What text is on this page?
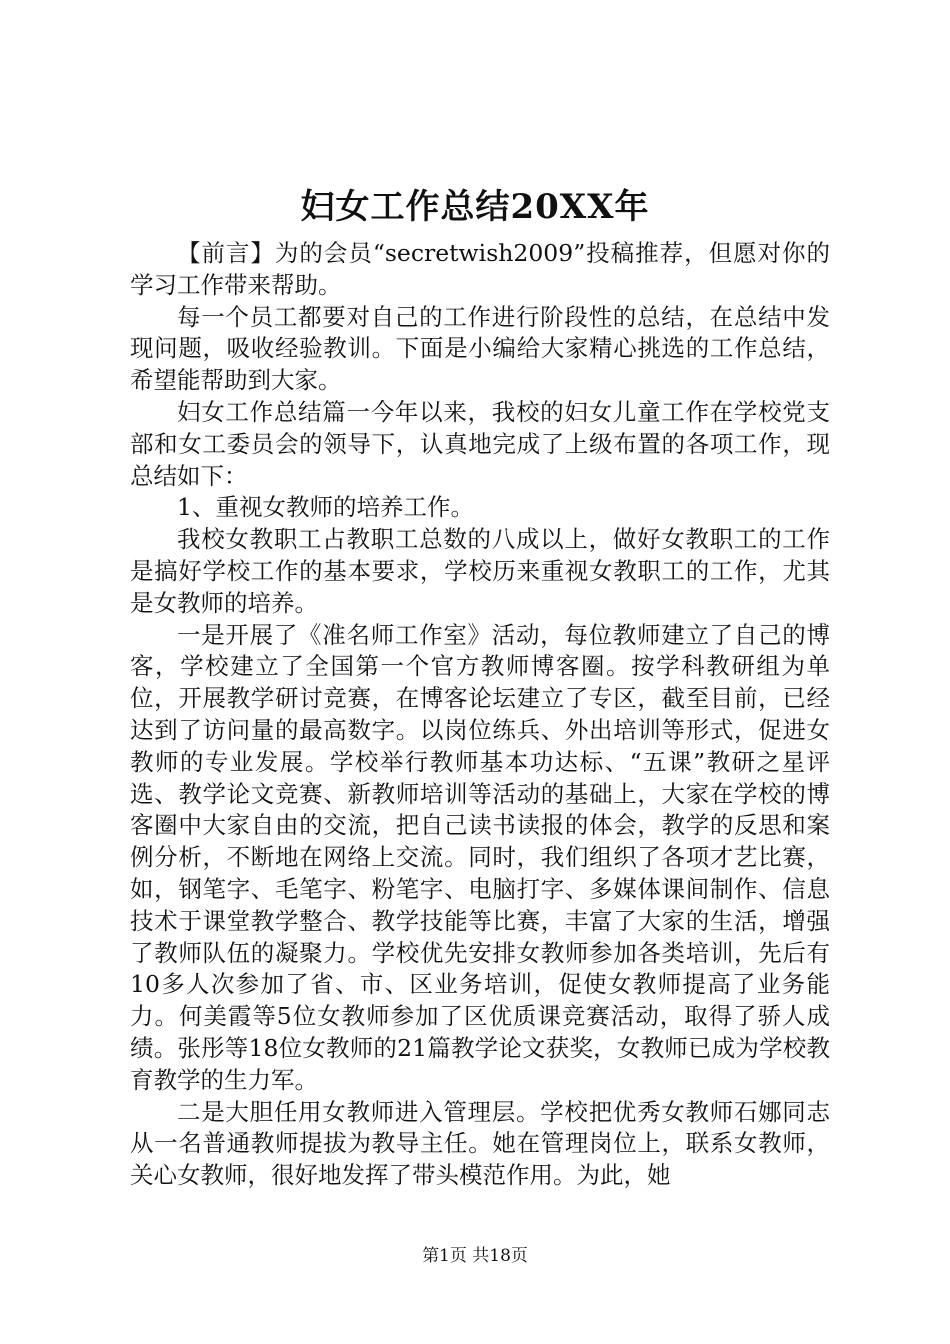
妇女工作总结20XX年

【前言】为的会员“secretwish2009”投稿推荐，但愿对你的学习工作带来帮助。

每一个员工都要对自己的工作进行阶段性的总结，在总结中发现问题，吸收经验教训。下面是小编给大家精心挑选的工作总结，希望能帮助到大家。

妇女工作总结篇一今年以来，我校的妇女儿童工作在学校党支部和女工委员会的领导下，认真地完成了上级布置的各项工作，现总结如下：

1、重视女教师的培养工作。

我校女教职工占教职工总数的八成以上，做好女教职工的工作是搞好学校工作的基本要求，学校历来重视女教职工的工作，尤其是女教师的培养。

一是开展了《准名师工作室》活动，每位教师建立了自己的博客，学校建立了全国第一个官方教师博客圈。按学科教研组为单位，开展教学研讨竞赛，在博客论坛建立了专区，截至目前，已经达到了访问量的最高数字。以岗位练兵、外出培训等形式，促进女教师的专业发展。学校举行教师基本功达标、“五课”教研之星评选、教学论文竞赛、新教师培训等活动的基础上，大家在学校的博客圈中大家自由的交流，把自己读书读报的体会，教学的反思和案例分析，不断地在网络上交流。同时，我们组织了各项才艺比赛，如，钢笔字、毛笔字、粉笔字、电脑打字、多媒体课间制作、信息技术于课堂教学整合、教学技能等比赛，丰富了大家的生活，增强了教师队伍的凝聚力。学校优先安排女教师参加各类培训，先后有10多人次参加了省、市、区业务培训，促使女教师提高了业务能力。何美霞等5位女教师参加了区优质课竞赛活动，取得了骄人成绩。张彤等18位女教师的21篇教学论文获奖，女教师已成为学校教育教学的生力军。

二是大胆任用女教师进入管理层。学校把优秀女教师石娜同志从一名普通教师提拔为教导主任。她在管理岗位上，联系女教师，关心女教师，很好地发挥了带头模范作用。为此，她

第1页 共18页
